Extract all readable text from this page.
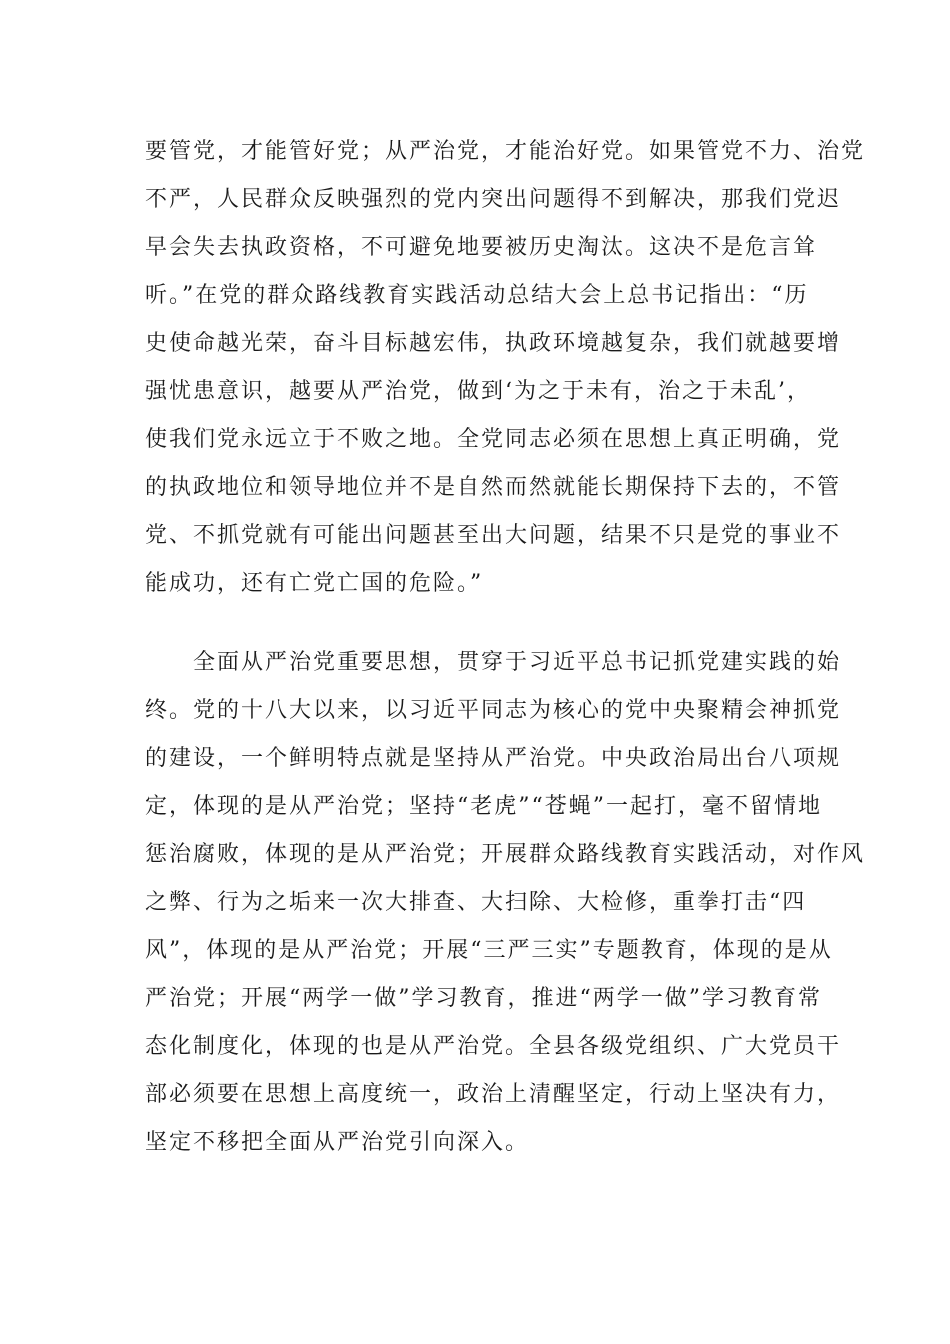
要管党，才能管好党；从严治党，才能治好党。如果管党不力、治党
不严，人民群众反映强烈的党内突出问题得不到解决，那我们党迟
早会失去执政资格，不可避免地要被历史淘汰。这决不是危言耸
听。”在党的群众路线教育实践活动总结大会上总书记指出：“历
史使命越光荣，奋斗目标越宏伟，执政环境越复杂，我们就越要增
强忧患意识，越要从严治党，做到‘为之于未有，治之于未乱’，
使我们党永远立于不败之地。全党同志必须在思想上真正明确，党
的执政地位和领导地位并不是自然而然就能长期保持下去的，不管
党、不抓党就有可能出问题甚至出大问题，结果不只是党的事业不
能成功，还有亡党亡国的危险。”

全面从严治党重要思想，贯穿于习近平总书记抓党建实践的始
终。党的十八大以来，以习近平同志为核心的党中央聚精会神抓党
的建设，一个鲜明特点就是坚持从严治党。中央政治局出台八项规
定，体现的是从严治党；坚持“老虎”“苍蝇”一起打，毫不留情地
惩治腐败，体现的是从严治党；开展群众路线教育实践活动，对作风
之弊、行为之垢来一次大排查、大扫除、大检修，重拳打击“四
风”，体现的是从严治党；开展“三严三实”专题教育，体现的是从
严治党；开展“两学一做”学习教育，推进“两学一做”学习教育常
态化制度化，体现的也是从严治党。全县各级党组织、广大党员干
部必须要在思想上高度统一，政治上清醒坚定，行动上坚决有力，
坚定不移把全面从严治党引向深入。
